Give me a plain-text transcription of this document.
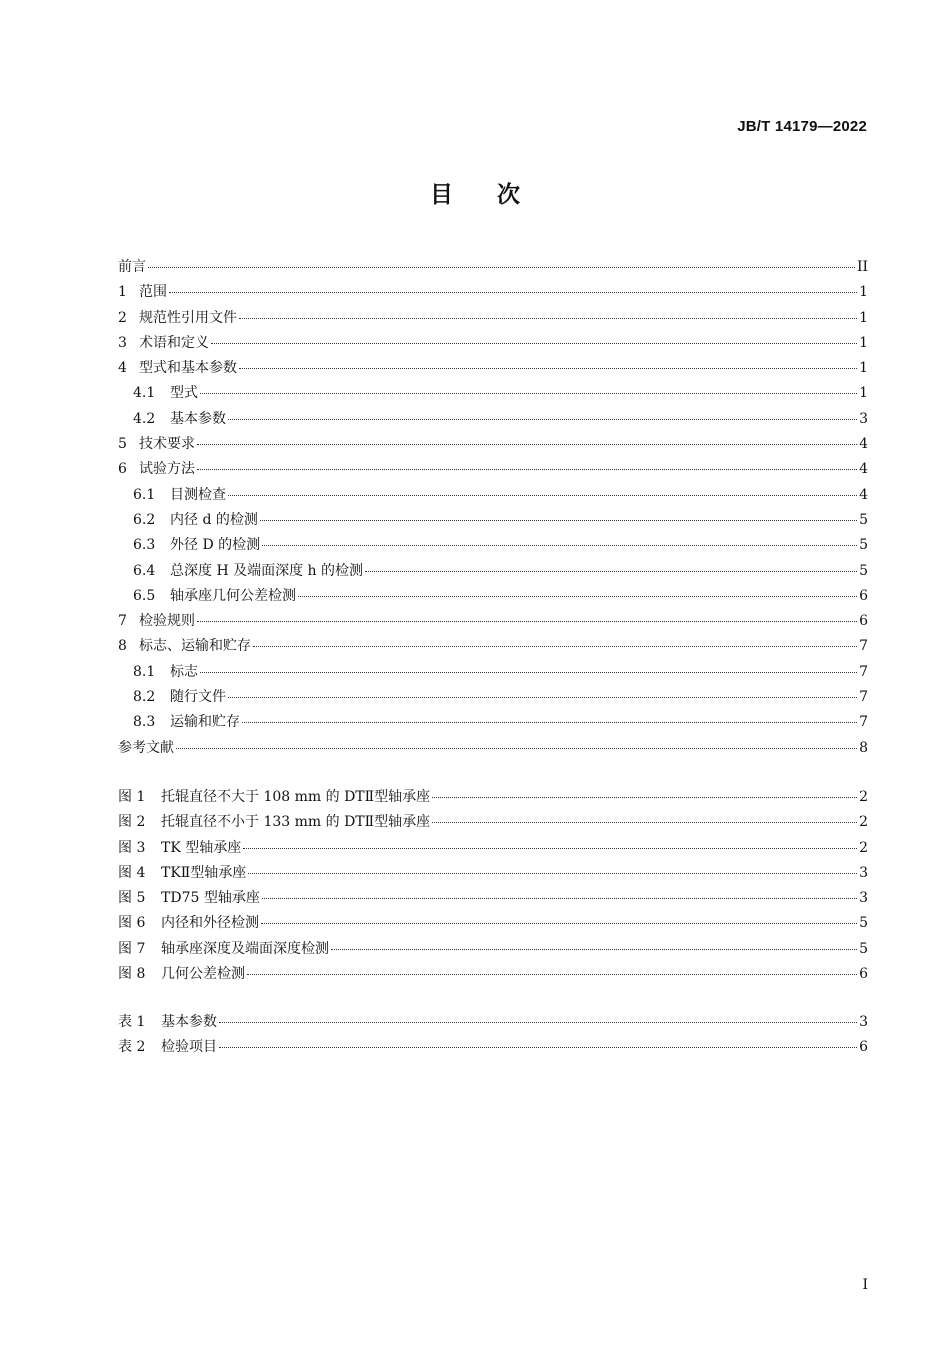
JB/T 14179—2022
目 次
前言	II
1 范围	1
2 规范性引用文件	1
3 术语和定义	1
4 型式和基本参数	1
4.1	型式	1
4.2	基本参数	3
5 技术要求	4
6 试验方法	4
6.1	目测检查	4
6.2	内径 d 的检测	5
6.3	外径 D 的检测	5
6.4	总深度 H 及端面深度 h 的检测	5
6.5	轴承座几何公差检测	6
7 检验规则	6
8 标志、运输和贮存	7
8.1	标志	7
8.2	随行文件	7
8.3	运输和贮存	7
参考文献	8
图 1	托辊直径不大于 108 mm 的 DTⅡ型轴承座	2
图 2	托辊直径不小于 133 mm 的 DTⅡ型轴承座	2
图 3	TK 型轴承座	2
图 4	TKⅡ型轴承座	3
图 5	TD75 型轴承座	3
图 6	内径和外径检测	5
图 7	轴承座深度及端面深度检测	5
图 8	几何公差检测	6
表 1	基本参数	3
表 2	检验项目	6
I
